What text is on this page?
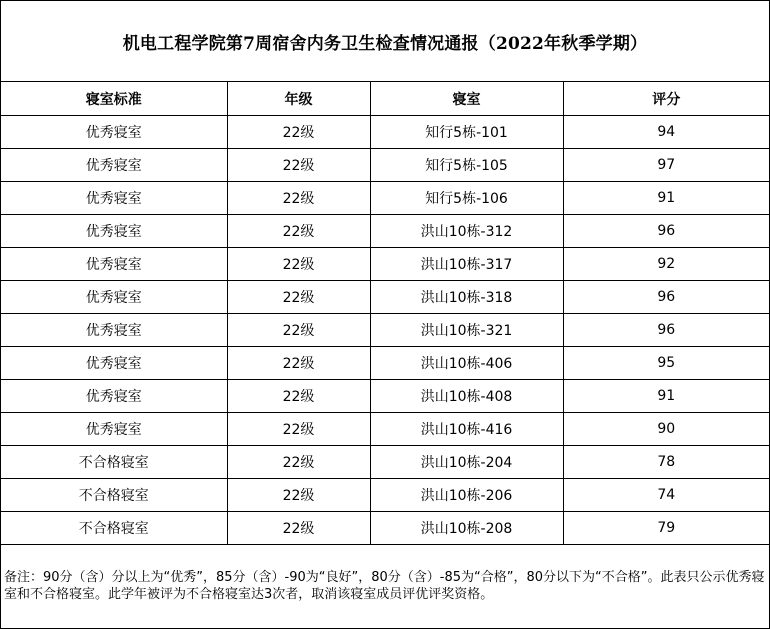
机电工程学院第7周宿舍内务卫生检查情况通报（2022年秋季学期）
寝室标准	年级	寝室	评分
优秀寝室	22级	知行5栋-101	94
优秀寝室	22级	知行5栋-105	97
优秀寝室	22级	知行5栋-106	91
优秀寝室	22级	洪山10栋-312	96
优秀寝室	22级	洪山10栋-317	92
优秀寝室	22级	洪山10栋-318	96
优秀寝室	22级	洪山10栋-321	96
优秀寝室	22级	洪山10栋-406	95
优秀寝室	22级	洪山10栋-408	91
优秀寝室	22级	洪山10栋-416	90
不合格寝室	22级	洪山10栋-204	78
不合格寝室	22级	洪山10栋-206	74
不合格寝室	22级	洪山10栋-208	79
备注：90分（含）分以上为“优秀”，85分（含）-90为“良好”，80分（含）-85为“合格”，80分以下为“不合格”。此表只公示优秀寝室和不合格寝室。此学年被评为不合格寝室达3次者，取消该寝室成员评优评奖资格。
